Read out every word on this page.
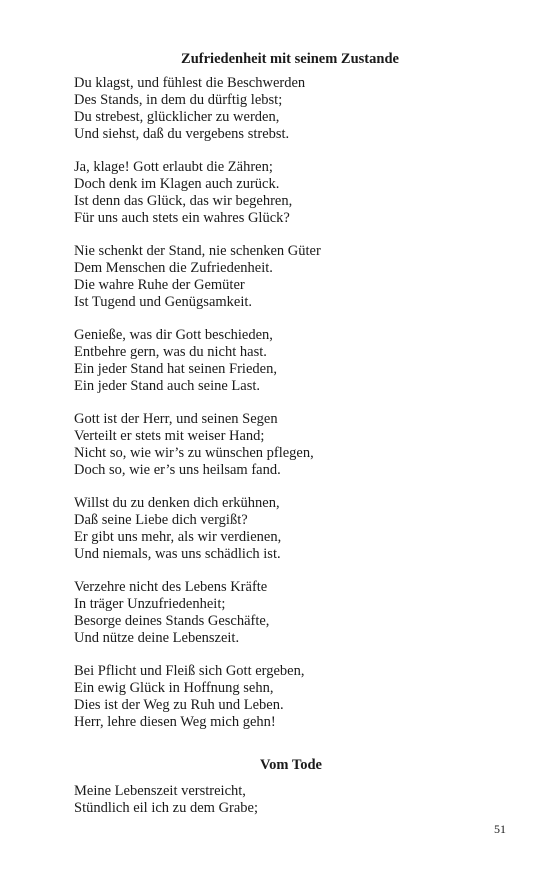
Zufriedenheit mit seinem Zustande
Du klagst, und fühlest die Beschwerden
Des Stands, in dem du dürftig lebst;
Du strebest, glücklicher zu werden,
Und siehst, daß du vergebens strebst.
Ja, klage! Gott erlaubt die Zähren;
Doch denk im Klagen auch zurück.
Ist denn das Glück, das wir begehren,
Für uns auch stets ein wahres Glück?
Nie schenkt der Stand, nie schenken Güter
Dem Menschen die Zufriedenheit.
Die wahre Ruhe der Gemüter
Ist Tugend und Genügsamkeit.
Genieße, was dir Gott beschieden,
Entbehre gern, was du nicht hast.
Ein jeder Stand hat seinen Frieden,
Ein jeder Stand auch seine Last.
Gott ist der Herr, und seinen Segen
Verteilt er stets mit weiser Hand;
Nicht so, wie wir’s zu wünschen pflegen,
Doch so, wie er’s uns heilsam fand.
Willst du zu denken dich erkühnen,
Daß seine Liebe dich vergißt?
Er gibt uns mehr, als wir verdienen,
Und niemals, was uns schädlich ist.
Verzehre nicht des Lebens Kräfte
In träger Unzufriedenheit;
Besorge deines Stands Geschäfte,
Und nütze deine Lebenszeit.
Bei Pflicht und Fleiß sich Gott ergeben,
Ein ewig Glück in Hoffnung sehn,
Dies ist der Weg zu Ruh und Leben.
Herr, lehre diesen Weg mich gehn!
Vom Tode
Meine Lebenszeit verstreicht,
Stündlich eil ich zu dem Grabe;
51
